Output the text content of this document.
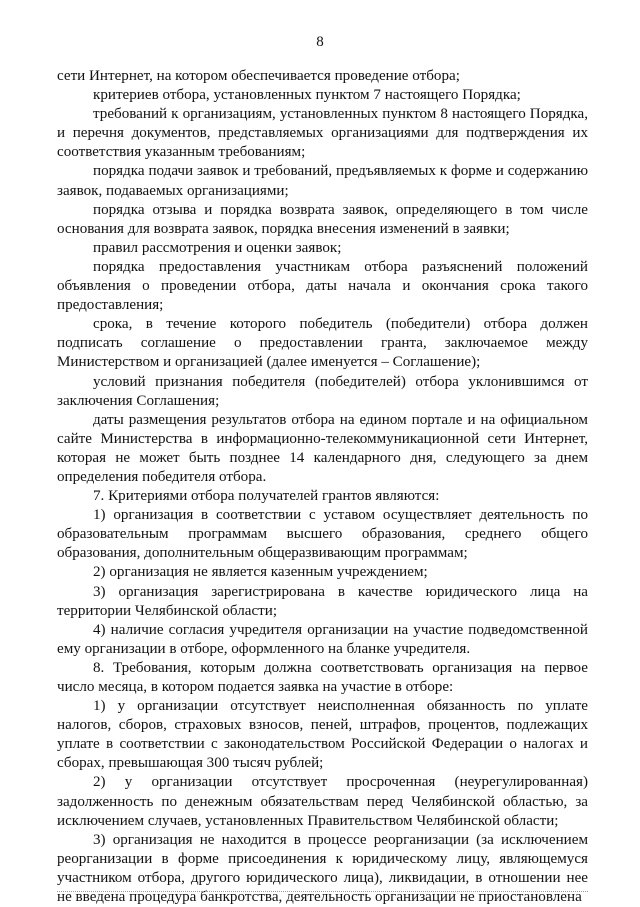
8

сети Интернет, на котором обеспечивается проведение отбора;

критериев отбора, установленных пунктом 7 настоящего Порядка;

требований к организациям, установленных пунктом 8 настоящего Порядка, и перечня документов, представляемых организациями для подтверждения их соответствия указанным требованиям;

порядка подачи заявок и требований, предъявляемых к форме и содержанию заявок, подаваемых организациями;

порядка отзыва и порядка возврата заявок, определяющего в том числе основания для возврата заявок, порядка внесения изменений в заявки;

правил рассмотрения и оценки заявок;

порядка предоставления участникам отбора разъяснений положений объявления о проведении отбора, даты начала и окончания срока такого предоставления;

срока, в течение которого победитель (победители) отбора должен подписать соглашение о предоставлении гранта, заключаемое между Министерством и организацией (далее именуется – Соглашение);

условий признания победителя (победителей) отбора уклонившимся от заключения Соглашения;

даты размещения результатов отбора на едином портале и на официальном сайте Министерства в информационно-телекоммуникационной сети Интернет, которая не может быть позднее 14 календарного дня, следующего за днем определения победителя отбора.

7. Критериями отбора получателей грантов являются:

1) организация в соответствии с уставом осуществляет деятельность по образовательным программам высшего образования, среднего общего образования, дополнительным общеразвивающим программам;

2) организация не является казенным учреждением;

3) организация зарегистрирована в качестве юридического лица на территории Челябинской области;

4) наличие согласия учредителя организации на участие подведомственной ему организации в отборе, оформленного на бланке учредителя.

8. Требования, которым должна соответствовать организация на первое число месяца, в котором подается заявка на участие в отборе:

1) у организации отсутствует неисполненная обязанность по уплате налогов, сборов, страховых взносов, пеней, штрафов, процентов, подлежащих уплате в соответствии с законодательством Российской Федерации о налогах и сборах, превышающая 300 тысяч рублей;

2) у организации отсутствует просроченная (неурегулированная) задолженность по денежным обязательствам перед Челябинской областью, за исключением случаев, установленных Правительством Челябинской области;

3) организация не находится в процессе реорганизации (за исключением реорганизации в форме присоединения к юридическому лицу, являющемуся участником отбора, другого юридического лица), ликвидации, в отношении нее не введена процедура банкротства, деятельность организации не приостановлена
